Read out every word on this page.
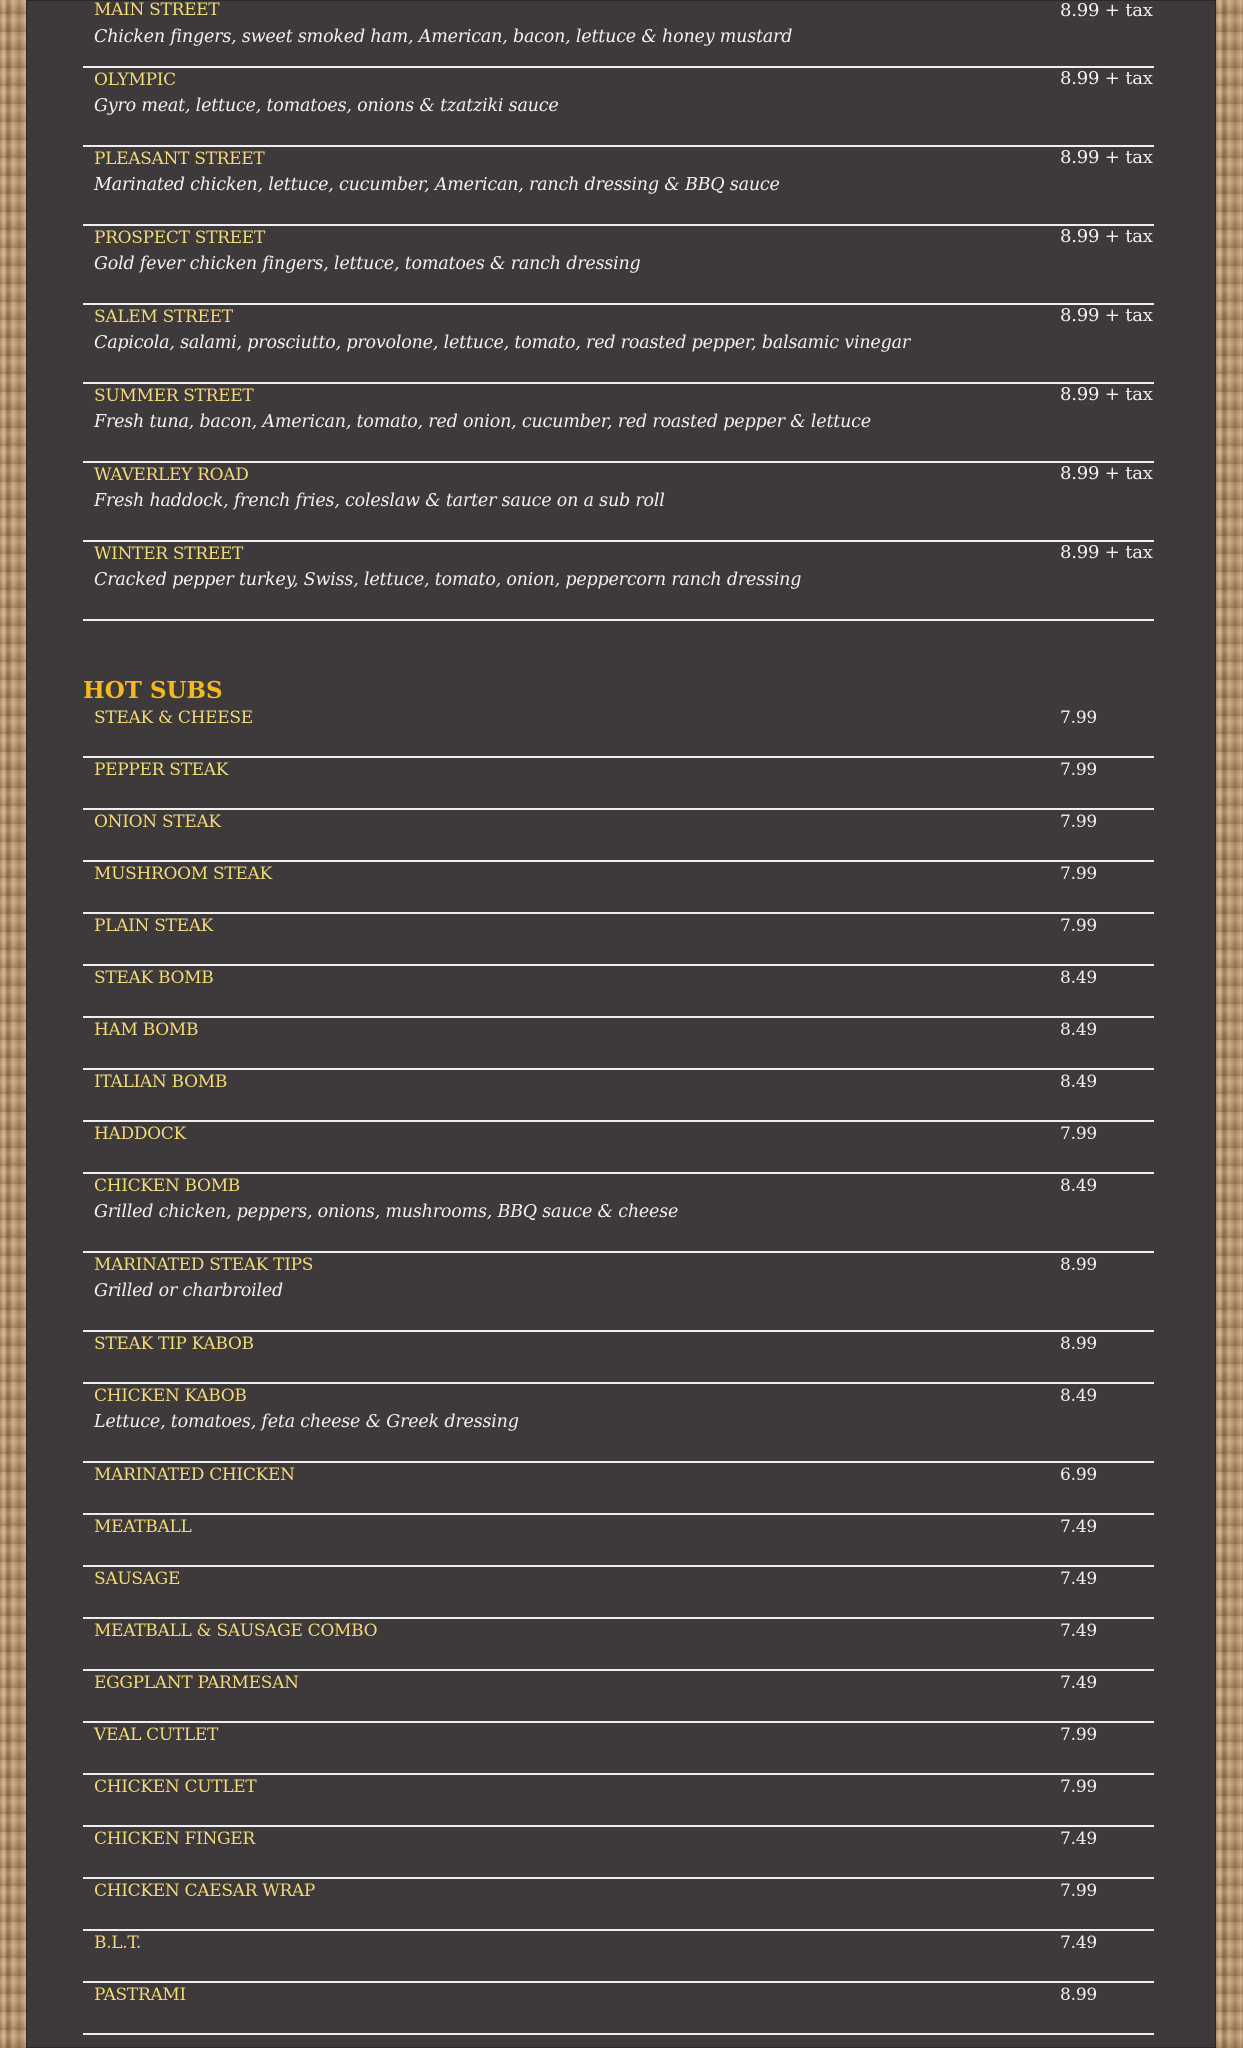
MAIN STREET
Chicken fingers, sweet smoked ham, American, bacon, lettuce & honey mustard
8.99 + tax
OLYMPIC
Gyro meat, lettuce, tomatoes, onions & tzatziki sauce
8.99 + tax
PLEASANT STREET
Marinated chicken, lettuce, cucumber, American, ranch dressing & BBQ sauce
8.99 + tax
PROSPECT STREET
Gold fever chicken fingers, lettuce, tomatoes & ranch dressing
8.99 + tax
SALEM STREET
Capicola, salami, prosciutto, provolone, lettuce, tomato, red roasted pepper, balsamic vinegar
8.99 + tax
SUMMER STREET
Fresh tuna, bacon, American, tomato, red onion, cucumber, red roasted pepper & lettuce
8.99 + tax
WAVERLEY ROAD
Fresh haddock, french fries, coleslaw & tarter sauce on a sub roll
8.99 + tax
WINTER STREET
Cracked pepper turkey, Swiss, lettuce, tomato, onion, peppercorn ranch dressing
8.99 + tax
HOT SUBS
STEAK & CHEESE	7.99
PEPPER STEAK	7.99
ONION STEAK	7.99
MUSHROOM STEAK	7.99
PLAIN STEAK	7.99
STEAK BOMB	8.49
HAM BOMB	8.49
ITALIAN BOMB	8.49
HADDOCK	7.99
CHICKEN BOMB
Grilled chicken, peppers, onions, mushrooms, BBQ sauce & cheese
8.49
MARINATED STEAK TIPS
Grilled or charbroiled
8.99
STEAK TIP KABOB	8.99
CHICKEN KABOB
Lettuce, tomatoes, feta cheese & Greek dressing
8.49
MARINATED CHICKEN	6.99
MEATBALL	7.49
SAUSAGE	7.49
MEATBALL & SAUSAGE COMBO	7.49
EGGPLANT PARMESAN	7.49
VEAL CUTLET	7.99
CHICKEN CUTLET	7.99
CHICKEN FINGER	7.49
CHICKEN CAESAR WRAP	7.99
B.L.T.	7.49
PASTRAMI	8.99
